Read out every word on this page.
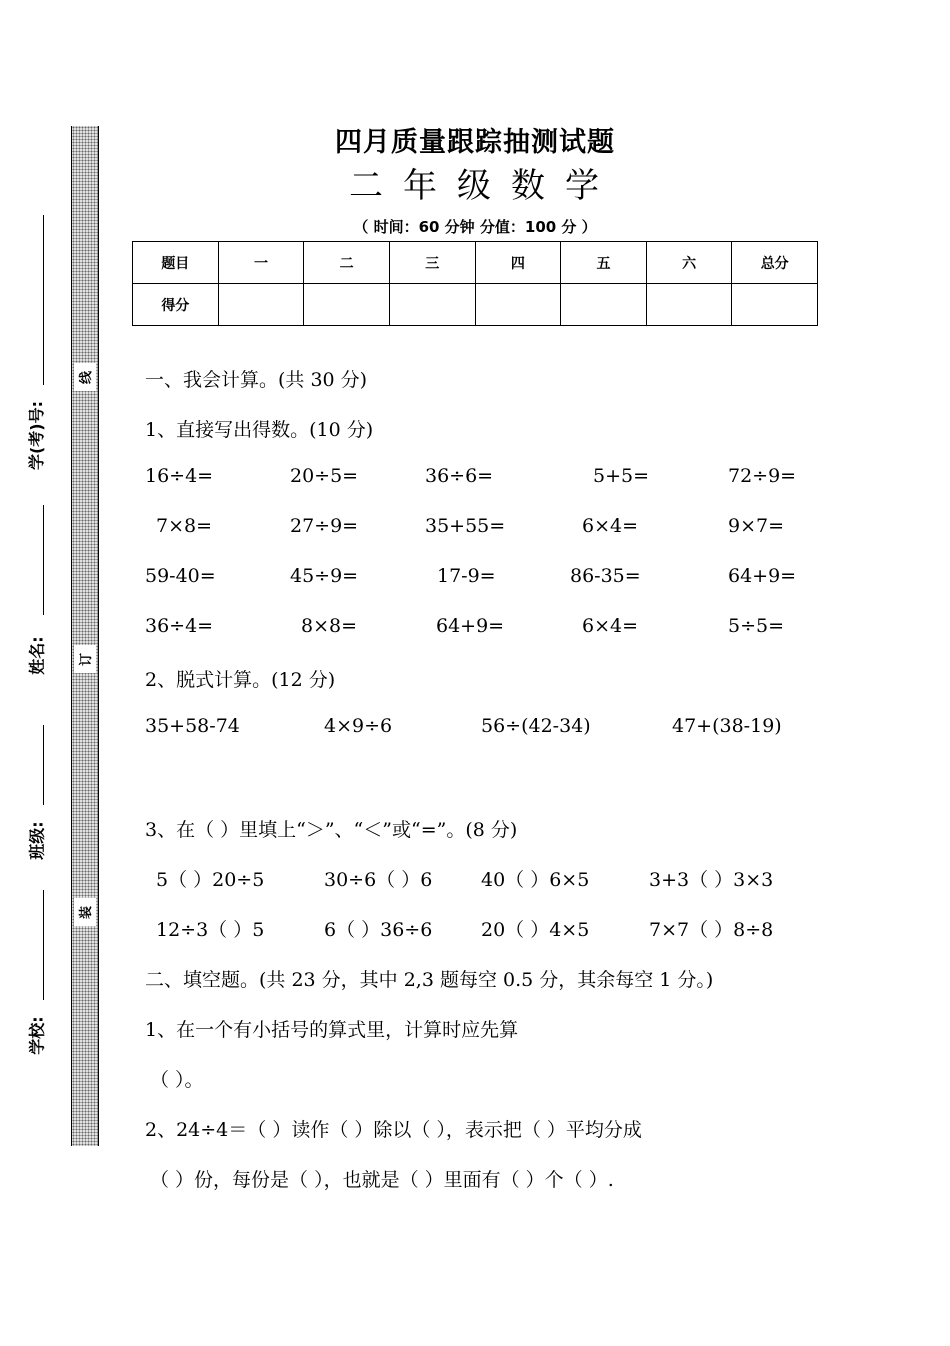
学(考)号:
姓名:
班级:
学校:
线
订
装
四月质量跟踪抽测试题
二年级数学
（ 时间：60 分钟 分值：100 分 ）
题目	一	二	三	四	五	六	总分
得分							
一、我会计算。(共 30 分)
1、直接写出得数。(10 分)
16÷4=	20÷5=	36÷6=	5+5=	72÷9=
7×8=	27÷9=	35+55=	6×4=	9×7=
59-40=	45÷9=	17-9=	86-35=	64+9=
36÷4=	8×8=	64+9=	6×4=	5÷5=
2、脱式计算。(12 分)
35+58-74	4×9÷6	56÷(42-34)	47+(38-19)
3、在（ ）里填上“＞”、“＜”或“=”。(8 分)
5（ ）20÷5	30÷6（ ）6	40（ ）6×5	3+3（ ）3×3
12÷3（ ）5	6（ ）36÷6	20（ ）4×5	7×7（ ）8÷8
二、填空题。(共 23 分，其中 2,3 题每空 0.5 分，其余每空 1 分。)
1、在一个有小括号的算式里，计算时应先算
（ ）。
2、24÷4＝（ ）读作（ ）除以（ ），表示把（ ）平均分成
（ ）份，每份是（ ），也就是（ ）里面有（ ）个（ ）.
